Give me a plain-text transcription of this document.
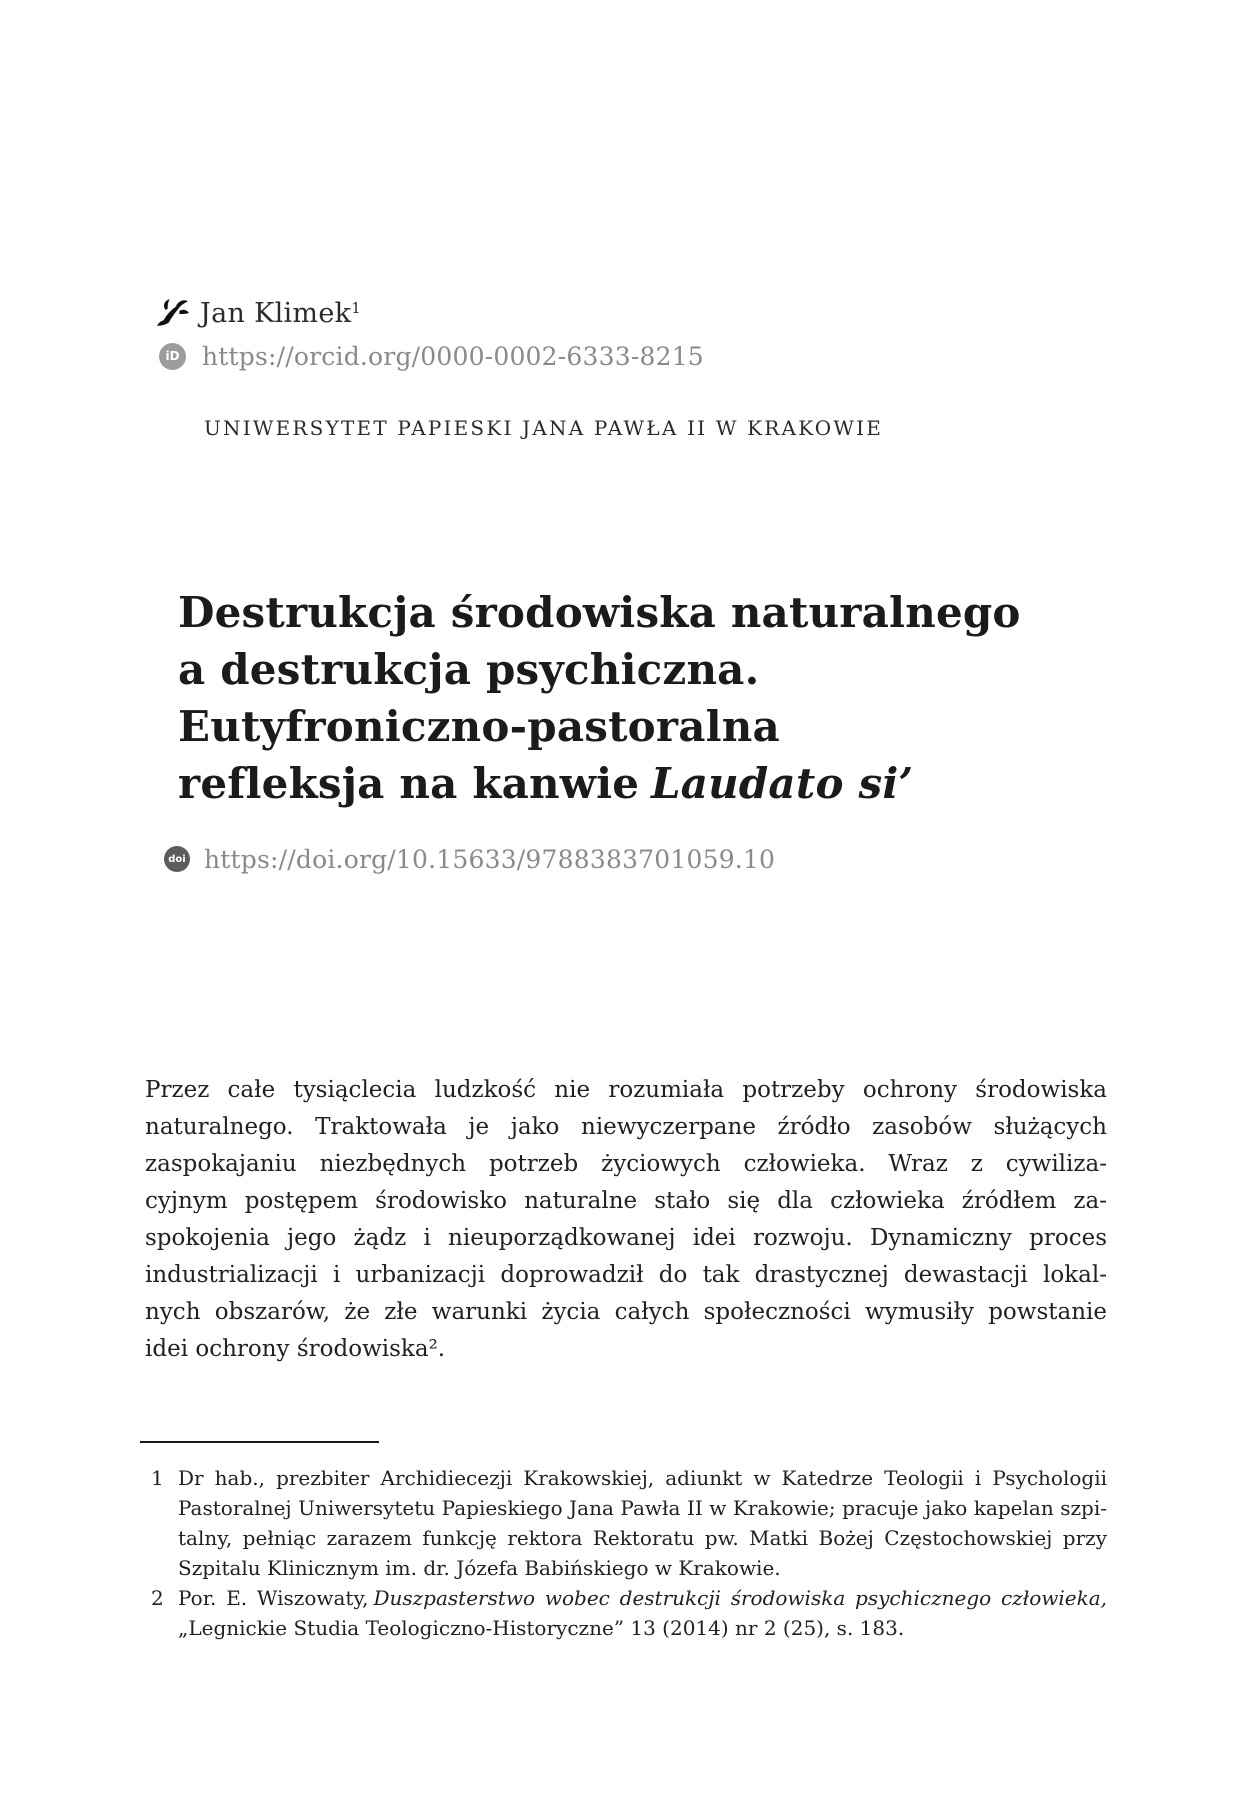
Jan Klimek$^1$
iD https://orcid.org/0000-0002-6333-8215
UNIWERSYTET PAPIESKI JANA PAWŁA II W KRAKOWIE
Destrukcja środowiska naturalnego
a destrukcja psychiczna.
Eutyfroniczno-pastoralna
refleksja na kanwie Laudato si’
doi https://doi.org/10.15633/9788383701059.10
Przez całe tysiąclecia ludzkość nie rozumiała potrzeby ochrony środowiska
naturalnego. Traktowała je jako niewyczerpane źródło zasobów służących
zaspokajaniu niezbędnych potrzeb życiowych człowieka. Wraz z cywiliza-
cyjnym postępem środowisko naturalne stało się dla człowieka źródłem za-
spokojenia jego żądz i nieuporządkowanej idei rozwoju. Dynamiczny proces
industrializacji i urbanizacji doprowadził do tak drastycznej dewastacji lokal-
nych obszarów, że złe warunki życia całych społeczności wymusiły powstanie
idei ochrony środowiska².
1 Dr hab., prezbiter Archidiecezji Krakowskiej, adiunkt w Katedrze Teologii i Psychologii
Pastoralnej Uniwersytetu Papieskiego Jana Pawła II w Krakowie; pracuje jako kapelan szpi-
talny, pełniąc zarazem funkcję rektora Rektoratu pw. Matki Bożej Częstochowskiej przy
Szpitalu Klinicznym im. dr. Józefa Babińskiego w Krakowie.
2 Por. E. Wiszowaty, Duszpasterstwo wobec destrukcji środowiska psychicznego człowieka,
„Legnickie Studia Teologiczno-Historyczne” 13 (2014) nr 2 (25), s. 183.
